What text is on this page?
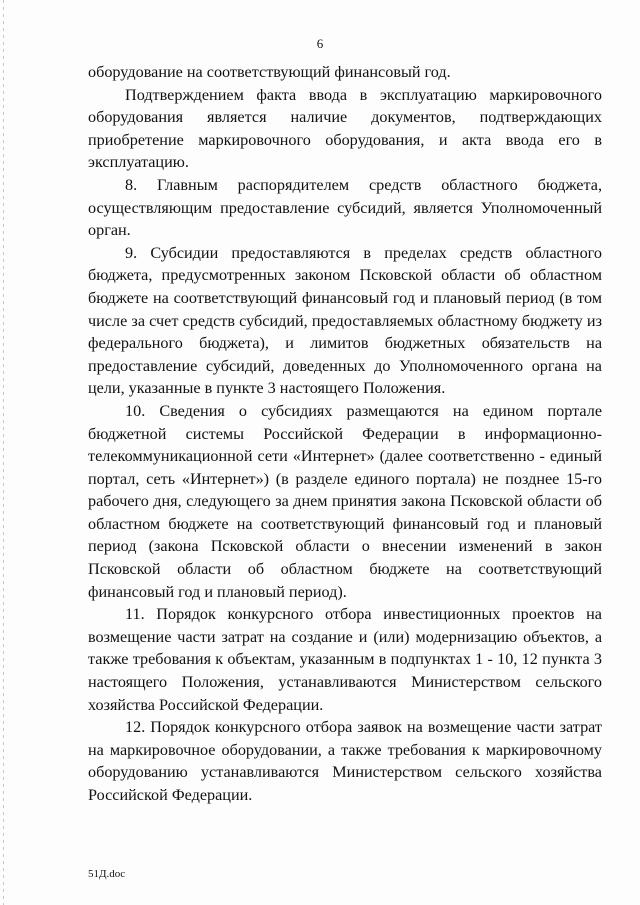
6

оборудование на соответствующий финансовый год.

Подтверждением факта ввода в эксплуатацию маркировочного оборудования является наличие документов, подтверждающих приобретение маркировочного оборудования, и акта ввода его в эксплуатацию.

8. Главным распорядителем средств областного бюджета, осуществляющим предоставление субсидий, является Уполномоченный орган.

9. Субсидии предоставляются в пределах средств областного бюджета, предусмотренных законом Псковской области об областном бюджете на соответствующий финансовый год и плановый период (в том числе за счет средств субсидий, предоставляемых областному бюджету из федерального бюджета), и лимитов бюджетных обязательств на предоставление субсидий, доведенных до Уполномоченного органа на цели, указанные в пункте 3 настоящего Положения.

10. Сведения о субсидиях размещаются на едином портале бюджетной системы Российской Федерации в информационно-телекоммуникационной сети «Интернет» (далее соответственно - единый портал, сеть «Интернет») (в разделе единого портала) не позднее 15-го рабочего дня, следующего за днем принятия закона Псковской области об областном бюджете на соответствующий финансовый год и плановый период (закона Псковской области о внесении изменений в закон Псковской области об областном бюджете на соответствующий финансовый год и плановый период).

11. Порядок конкурсного отбора инвестиционных проектов на возмещение части затрат на создание и (или) модернизацию объектов, а также требования к объектам, указанным в подпунктах 1 - 10, 12 пункта 3 настоящего Положения, устанавливаются Министерством сельского хозяйства Российской Федерации.

12. Порядок конкурсного отбора заявок на возмещение части затрат на маркировочное оборудовании, а также требования к маркировочному оборудованию устанавливаются Министерством сельского хозяйства Российской Федерации.

51Д.doc
